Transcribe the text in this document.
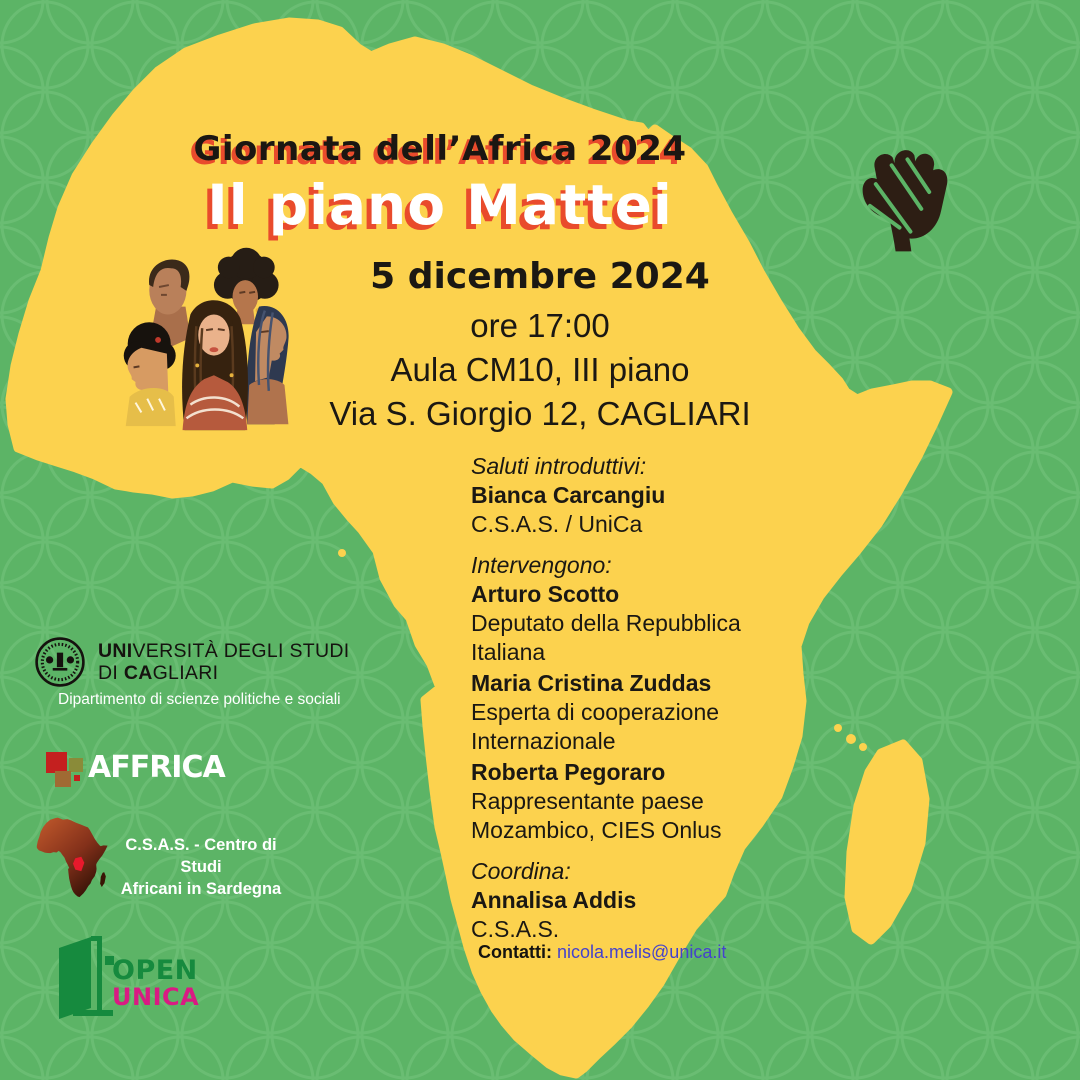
Giornata dell’Africa 2024
Il piano Mattei
5 dicembre 2024
ore 17:00
Aula CM10, III piano
Via S. Giorgio 12, CAGLIARI
Saluti introduttivi:
Bianca Carcangiu
C.S.A.S. / UniCa
Intervengono:
Arturo Scotto
Deputato della Repubblica Italiana
Maria Cristina Zuddas
Esperta di cooperazione Internazionale
Roberta Pegoraro
Rappresentante paese Mozambico, CIES Onlus
Coordina:
Annalisa Addis
C.S.A.S.
Contatti: nicola.melis@unica.it
UNIVERSITÀ DEGLI STUDI
DI CAGLIARI
Dipartimento di scienze politiche e sociali
AFFRICA
C.S.A.S. - Centro di Studi
Africani in Sardegna
OPEN
UNICA
